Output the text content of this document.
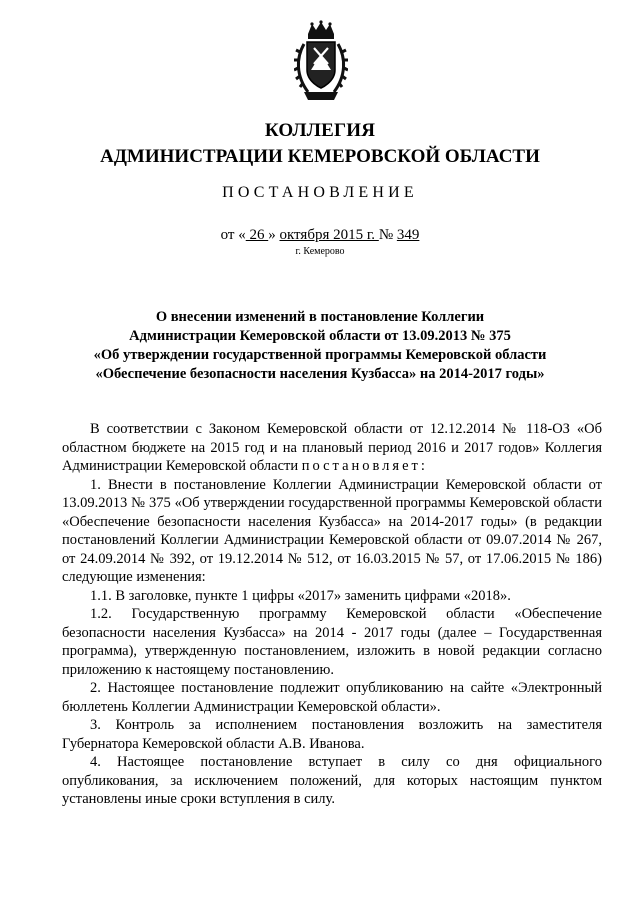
КОЛЛЕГИЯ
АДМИНИСТРАЦИИ КЕМЕРОВСКОЙ ОБЛАСТИ
ПОСТАНОВЛЕНИЕ
от « 26 » октября 2015 г. № 349
г. Кемерово
О внесении изменений в постановление Коллегии
Администрации Кемеровской области от 13.09.2013 № 375
«Об утверждении государственной программы Кемеровской области
«Обеспечение безопасности населения Кузбасса» на 2014-2017 годы»

В соответствии с Законом Кемеровской области от 12.12.2014 № 118-ОЗ «Об областном бюджете на 2015 год и на плановый период 2016 и 2017 годов» Коллегия Администрации Кемеровской области постановляет:

1. Внести в постановление Коллегии Администрации Кемеровской области от 13.09.2013 № 375 «Об утверждении государственной программы Кемеровской области «Обеспечение безопасности населения Кузбасса» на 2014-2017 годы» (в редакции постановлений Коллегии Администрации Кемеровской области от 09.07.2014 № 267, от 24.09.2014 № 392, от 19.12.2014 № 512, от 16.03.2015 № 57, от 17.06.2015 № 186) следующие изменения:

1.1. В заголовке, пункте 1 цифры «2017» заменить цифрами «2018».

1.2. Государственную программу Кемеровской области «Обеспечение безопасности населения Кузбасса» на 2014 - 2017 годы (далее – Государственная программа), утвержденную постановлением, изложить в новой редакции согласно приложению к настоящему постановлению.

2. Настоящее постановление подлежит опубликованию на сайте «Электронный бюллетень Коллегии Администрации Кемеровской области».

3. Контроль за исполнением постановления возложить на заместителя Губернатора Кемеровской области А.В. Иванова.

4. Настоящее постановление вступает в силу со дня официального опубликования, за исключением положений, для которых настоящим пунктом установлены иные сроки вступления в силу.
